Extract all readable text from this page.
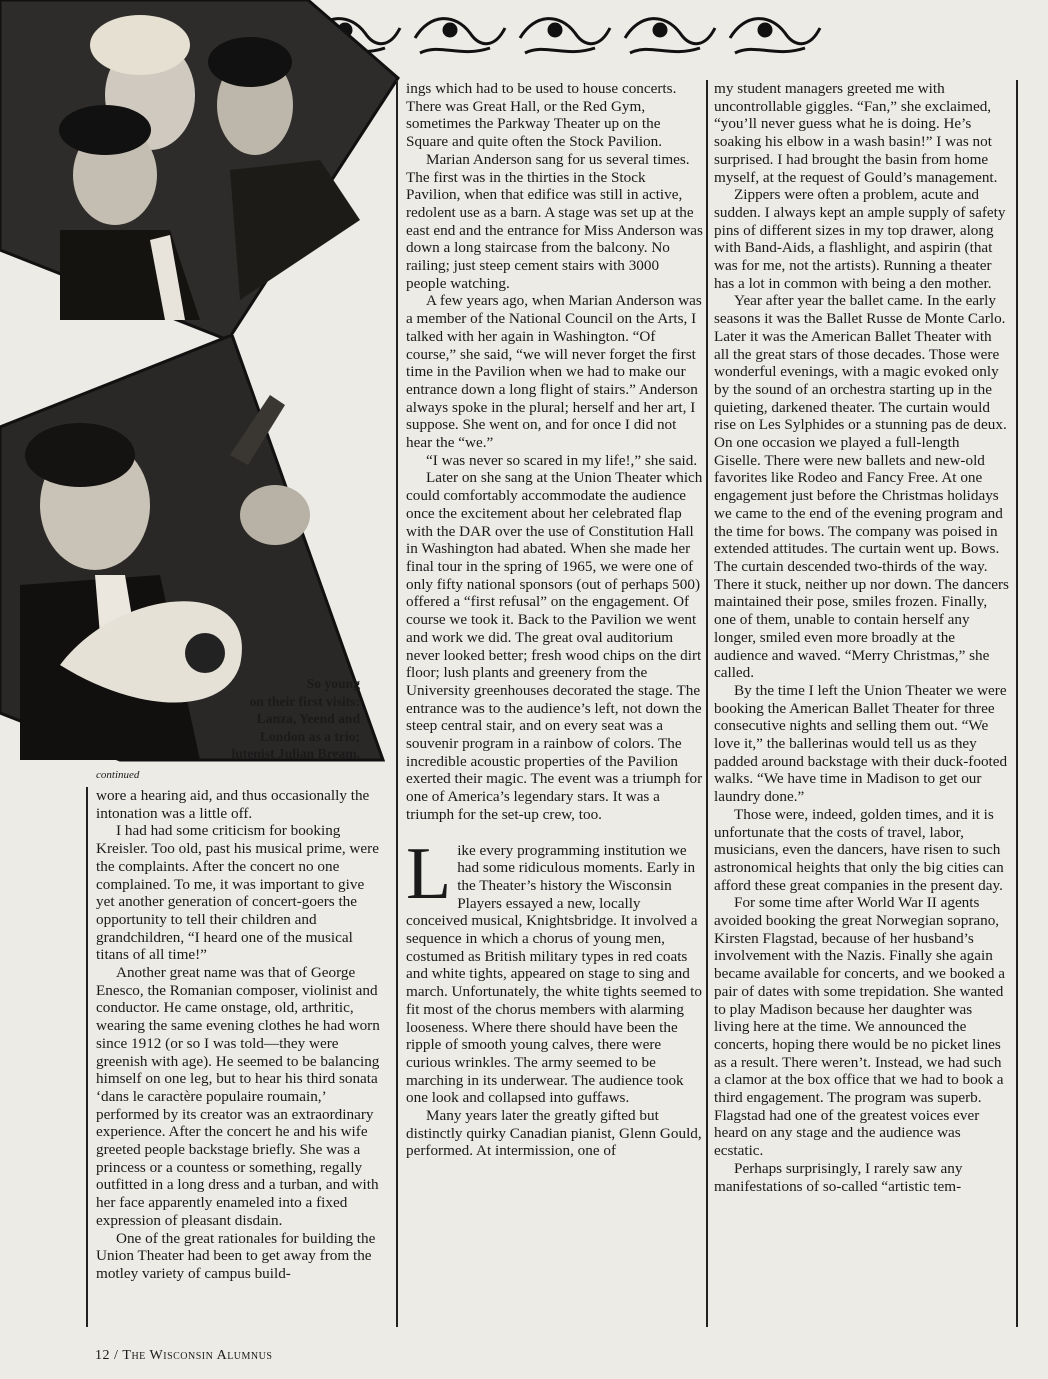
So young
on their first visits:
Lanza, Yeend and
London as a trio;
lutenist Julian Bream.
continued

wore a hearing aid, and thus occasionally the intonation was a little off.

I had had some criticism for booking Kreisler. Too old, past his musical prime, were the complaints. After the concert no one complained. To me, it was important to give yet another generation of concert-goers the opportunity to tell their children and grandchildren, “I heard one of the musical titans of all time!”

Another great name was that of George Enesco, the Romanian composer, violinist and conductor. He came onstage, old, arthritic, wearing the same evening clothes he had worn since 1912 (or so I was told—they were greenish with age). He seemed to be balancing himself on one leg, but to hear his third sonata ‘dans le caractère populaire roumain,’ performed by its creator was an extraordinary experience. After the concert he and his wife greeted people backstage briefly. She was a princess or a countess or something, regally outfitted in a long dress and a turban, and with her face apparently enameled into a fixed expression of pleasant disdain.

One of the great rationales for building the Union Theater had been to get away from the motley variety of campus build-

ings which had to be used to house concerts. There was Great Hall, or the Red Gym, sometimes the Parkway Theater up on the Square and quite often the Stock Pavilion.

Marian Anderson sang for us several times. The first was in the thirties in the Stock Pavilion, when that edifice was still in active, redolent use as a barn. A stage was set up at the east end and the entrance for Miss Anderson was down a long staircase from the balcony. No railing; just steep cement stairs with 3000 people watching.

A few years ago, when Marian Anderson was a member of the National Council on the Arts, I talked with her again in Washington. “Of course,” she said, “we will never forget the first time in the Pavilion when we had to make our entrance down a long flight of stairs.” Anderson always spoke in the plural; herself and her art, I suppose. She went on, and for once I did not hear the “we.”

“I was never so scared in my life!,” she said.

Later on she sang at the Union Theater which could comfortably accommodate the audience once the excitement about her celebrated flap with the DAR over the use of Constitution Hall in Washington had abated. When she made her final tour in the spring of 1965, we were one of only fifty national sponsors (out of perhaps 500) offered a “first refusal” on the engagement. Of course we took it. Back to the Pavilion we went and work we did. The great oval auditorium never looked better; fresh wood chips on the dirt floor; lush plants and greenery from the University greenhouses decorated the stage. The entrance was to the audience’s left, not down the steep central stair, and on every seat was a souvenir program in a rainbow of colors. The incredible acoustic properties of the Pavilion exerted their magic. The event was a triumph for one of America’s legendary stars. It was a triumph for the set-up crew, too.

Like every programming institution we had some ridiculous moments. Early in the Theater’s history the Wisconsin Players essayed a new, locally conceived musical, Knightsbridge. It involved a sequence in which a chorus of young men, costumed as British military types in red coats and white tights, appeared on stage to sing and march. Unfortunately, the white tights seemed to fit most of the chorus members with alarming looseness. Where there should have been the ripple of smooth young calves, there were curious wrinkles. The army seemed to be marching in its underwear. The audience took one look and collapsed into guffaws.

Many years later the greatly gifted but distinctly quirky Canadian pianist, Glenn Gould, performed. At intermission, one of

my student managers greeted me with uncontrollable giggles. “Fan,” she exclaimed, “you’ll never guess what he is doing. He’s soaking his elbow in a wash basin!” I was not surprised. I had brought the basin from home myself, at the request of Gould’s management.

Zippers were often a problem, acute and sudden. I always kept an ample supply of safety pins of different sizes in my top drawer, along with Band-Aids, a flashlight, and aspirin (that was for me, not the artists). Running a theater has a lot in common with being a den mother.

Year after year the ballet came. In the early seasons it was the Ballet Russe de Monte Carlo. Later it was the American Ballet Theater with all the great stars of those decades. Those were wonderful evenings, with a magic evoked only by the sound of an orchestra starting up in the quieting, darkened theater. The curtain would rise on Les Sylphides or a stunning pas de deux. On one occasion we played a full-length Giselle. There were new ballets and new-old favorites like Rodeo and Fancy Free. At one engagement just before the Christmas holidays we came to the end of the evening program and the time for bows. The company was poised in extended attitudes. The curtain went up. Bows. The curtain descended two-thirds of the way. There it stuck, neither up nor down. The dancers maintained their pose, smiles frozen. Finally, one of them, unable to contain herself any longer, smiled even more broadly at the audience and waved. “Merry Christmas,” she called.

By the time I left the Union Theater we were booking the American Ballet Theater for three consecutive nights and selling them out. “We love it,” the ballerinas would tell us as they padded around backstage with their duck-footed walks. “We have time in Madison to get our laundry done.”

Those were, indeed, golden times, and it is unfortunate that the costs of travel, labor, musicians, even the dancers, have risen to such astronomical heights that only the big cities can afford these great companies in the present day.

For some time after World War II agents avoided booking the great Norwegian soprano, Kirsten Flagstad, because of her husband’s involvement with the Nazis. Finally she again became available for concerts, and we booked a pair of dates with some trepidation. She wanted to play Madison because her daughter was living here at the time. We announced the concerts, hoping there would be no picket lines as a result. There weren’t. Instead, we had such a clamor at the box office that we had to book a third engagement. The program was superb. Flagstad had one of the greatest voices ever heard on any stage and the audience was ecstatic.

Perhaps surprisingly, I rarely saw any manifestations of so-called “artistic tem-

12 / The Wisconsin Alumnus
